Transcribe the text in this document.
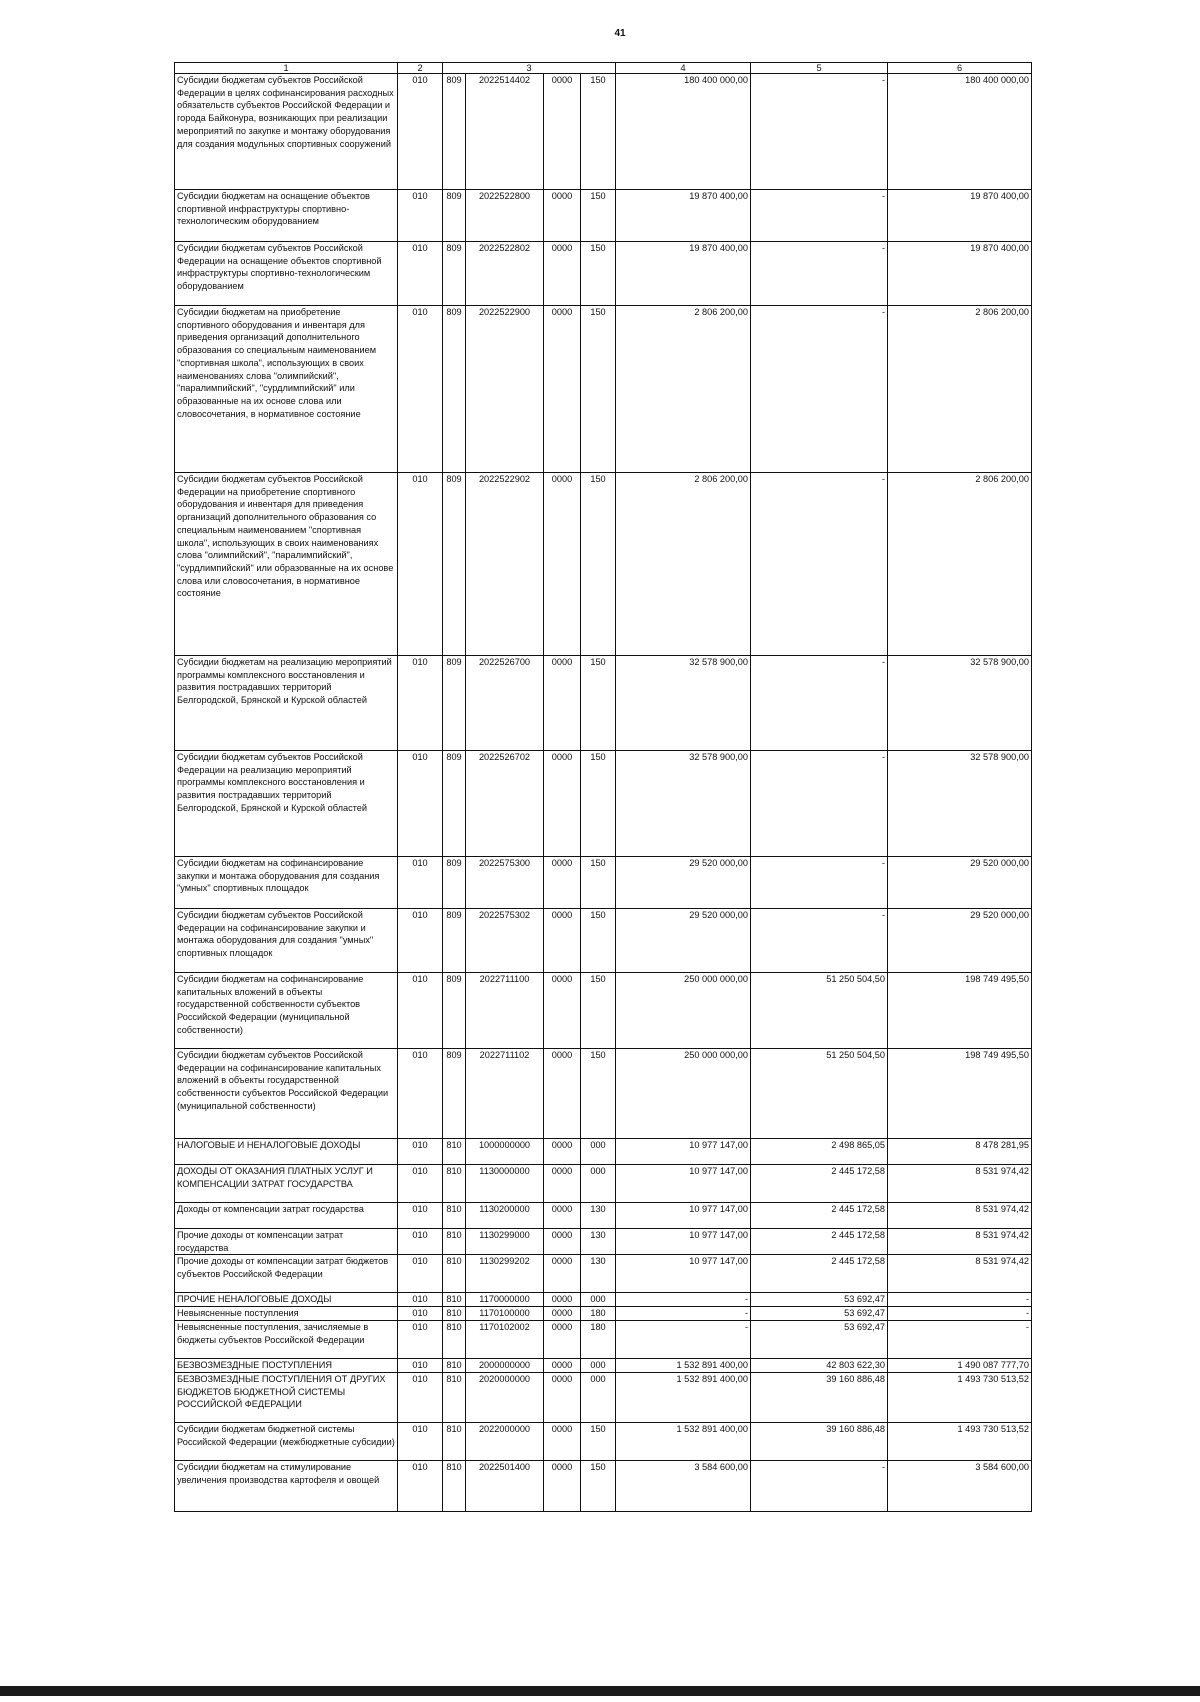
41
1	2	3				4	5	6
Субсидии бюджетам субъектов Российской Федерации в целях софинансирования расходных обязательств субъектов Российской Федерации и города Байконура, возникающих при реализации мероприятий по закупке и монтажу оборудования для создания модульных спортивных сооружений	010	809	2022514402	0000	150	180 400 000,00	-	180 400 000,00
Субсидии бюджетам на оснащение объектов спортивной инфраструктуры спортивно-технологическим оборудованием	010	809	2022522800	0000	150	19 870 400,00	-	19 870 400,00
Субсидии бюджетам субъектов Российской Федерации на оснащение объектов спортивной инфраструктуры спортивно-технологическим оборудованием	010	809	2022522802	0000	150	19 870 400,00	-	19 870 400,00
Субсидии бюджетам на приобретение спортивного оборудования и инвентаря для приведения организаций дополнительного образования со специальным наименованием "спортивная школа", использующих в своих наименованиях слова "олимпийский", "паралимпийский", "сурдлимпийский" или образованные на их основе слова или словосочетания, в нормативное состояние	010	809	2022522900	0000	150	2 806 200,00	-	2 806 200,00
Субсидии бюджетам субъектов Российской Федерации на приобретение спортивного оборудования и инвентаря для приведения организаций дополнительного образования со специальным наименованием "спортивная школа", использующих в своих наименованиях слова "олимпийский", "паралимпийский", "сурдлимпийский" или образованные на их основе слова или словосочетания, в нормативное состояние	010	809	2022522902	0000	150	2 806 200,00	-	2 806 200,00
Субсидии бюджетам на реализацию мероприятий программы комплексного восстановления и развития пострадавших территорий Белгородской, Брянской и Курской областей	010	809	2022526700	0000	150	32 578 900,00	-	32 578 900,00
Субсидии бюджетам субъектов Российской Федерации на реализацию мероприятий программы комплексного восстановления и развития пострадавших территорий Белгородской, Брянской и Курской областей	010	809	2022526702	0000	150	32 578 900,00	-	32 578 900,00
Субсидии бюджетам на софинансирование закупки и монтажа оборудования для создания "умных" спортивных площадок	010	809	2022575300	0000	150	29 520 000,00	-	29 520 000,00
Субсидии бюджетам субъектов Российской Федерации на софинансирование закупки и монтажа оборудования для создания "умных" спортивных площадок	010	809	2022575302	0000	150	29 520 000,00	-	29 520 000,00
Субсидии бюджетам на софинансирование капитальных вложений в объекты государственной собственности субъектов Российской Федерации (муниципальной собственности)	010	809	2022711100	0000	150	250 000 000,00	51 250 504,50	198 749 495,50
Субсидии бюджетам субъектов Российской Федерации на софинансирование капитальных вложений в объекты государственной собственности субъектов Российской Федерации (муниципальной собственности)	010	809	2022711102	0000	150	250 000 000,00	51 250 504,50	198 749 495,50
НАЛОГОВЫЕ И НЕНАЛОГОВЫЕ ДОХОДЫ	010	810	1000000000	0000	000	10 977 147,00	2 498 865,05	8 478 281,95
ДОХОДЫ ОТ ОКАЗАНИЯ ПЛАТНЫХ УСЛУГ И КОМПЕНСАЦИИ ЗАТРАТ ГОСУДАРСТВА	010	810	1130000000	0000	000	10 977 147,00	2 445 172,58	8 531 974,42
Доходы от компенсации затрат государства	010	810	1130200000	0000	130	10 977 147,00	2 445 172,58	8 531 974,42
Прочие доходы от компенсации затрат государства	010	810	1130299000	0000	130	10 977 147,00	2 445 172,58	8 531 974,42
Прочие доходы от компенсации затрат бюджетов субъектов Российской Федерации	010	810	1130299202	0000	130	10 977 147,00	2 445 172,58	8 531 974,42
ПРОЧИЕ НЕНАЛОГОВЫЕ ДОХОДЫ	010	810	1170000000	0000	000	-	53 692,47	-
Невыясненные поступления	010	810	1170100000	0000	180	-	53 692,47	-
Невыясненные поступления, зачисляемые в бюджеты субъектов Российской Федерации	010	810	1170102002	0000	180	-	53 692,47	-
БЕЗВОЗМЕЗДНЫЕ ПОСТУПЛЕНИЯ	010	810	2000000000	0000	000	1 532 891 400,00	42 803 622,30	1 490 087 777,70
БЕЗВОЗМЕЗДНЫЕ ПОСТУПЛЕНИЯ ОТ ДРУГИХ БЮДЖЕТОВ БЮДЖЕТНОЙ СИСТЕМЫ РОССИЙСКОЙ ФЕДЕРАЦИИ	010	810	2020000000	0000	000	1 532 891 400,00	39 160 886,48	1 493 730 513,52
Субсидии бюджетам бюджетной системы Российской Федерации (межбюджетные субсидии)	010	810	2022000000	0000	150	1 532 891 400,00	39 160 886,48	1 493 730 513,52
Субсидии бюджетам на стимулирование увеличения производства картофеля и овощей	010	810	2022501400	0000	150	3 584 600,00	-	3 584 600,00
